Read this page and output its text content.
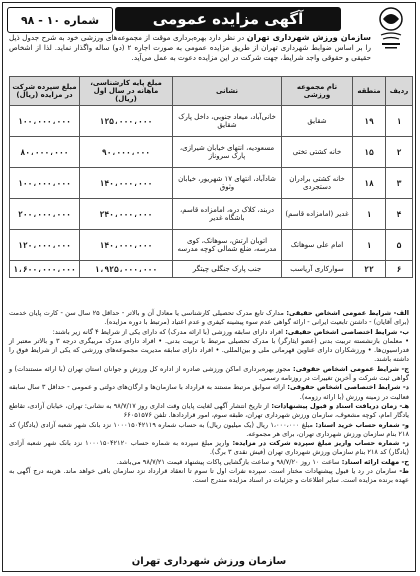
شماره ۱۰ - ۹۸	آگهی مزایده عمومی
سازمان ورزش شهرداری تهران در نظر دارد بهره‌برداری موقت از مجموعه‌های ورزشی خود به شرح جدول ذیل را بر اساس ضوابط شهرداری تهران از طریق مزایده عمومی به صورت اجاره ۲ (دو) ساله واگذار نماید. لذا از اشخاص حقیقی و حقوقی واجد شرایط، جهت شرکت در این مزایده دعوت به عمل می‌آید.
ردیف	منطقه	نام مجموعه ورزشی	نشانی	مبلغ پایه کارشناسی، ماهانه در سال اول (ریال)	مبلغ سپرده شرکت در مزایده (ریال)
۱	۱۹	شقایق	خانی‌آباد، میعاد جنوبی، داخل پارک شقایق	۱۲۵،۰۰۰،۰۰۰	۱۰۰،۰۰۰،۰۰۰
۲	۱۵	خانه کشتی تختی	مسعودیه، انتهای خیابان شیرازی، پارک سروناز	۹۰،۰۰۰،۰۰۰	۸۰،۰۰۰،۰۰۰
۳	۱۸	خانه کشتی برادران دستجردی	شادآباد، انتهای ۱۷ شهریور، خیابان وثوق	۱۴۰،۰۰۰،۰۰۰	۱۰۰،۰۰۰،۰۰۰
۴	۱	غدیر (امامزاده قاسم)	دربند، کلاک دره، امامزاده قاسم، باشگاه غدیر	۲۴۰،۰۰۰،۰۰۰	۲۰۰،۰۰۰،۰۰۰
۵	۱	امام علی سوهانک	اتوبان ارتش، سوهانک، کوی مدرسه، ضلع شمالی کوچه مدرسه	۱۴۰،۰۰۰،۰۰۰	۱۲۰،۰۰۰،۰۰۰
۶	۲۲	سوارکاری آریاسب	جنب پارک جنگلی چیتگر	۱،۹۲۵،۰۰۰،۰۰۰	۱،۶۰۰،۰۰۰،۰۰۰
الف- شرایط عمومی اشخاص حقیقی: مدارک تابع مدرک تحصیلی کارشناسی یا معادل آن و بالاتر - حداقل ۲۵ سال سن - کارت پایان خدمت (برای آقایان) - داشتن تابعیت ایرانی - ارائه گواهی عدم سوء پیشینه کیفری و عدم اعتیاد (مرتبط با دوره مزایده).
ب- شرایط اختصاصی اشخاص حقیقی: افراد دارای سابقه ورزشی (با ارائه مدرک) که دارای یکی از شرایط ۴ گانه زیر باشند:
• معلمان بازنشسته تربیت بدنی (عضو ایثارگر) با مدرک تحصیلی مرتبط با تربیت بدنی. • افراد دارای مدرک مربیگری درجه ۳ و بالاتر معتبر از فدراسیون‌ها. • ورزشکاران دارای عناوین قهرمانی ملی و بین‌المللی. • افراد دارای سابقه مدیریت مجموعه‌های ورزشی که یکی از شرایط فوق را داشته باشند.
ج- شرایط عمومی اشخاص حقوقی: مجوز بهره‌برداری اماکن ورزشی صادره از اداره کل ورزش و جوانان استان تهران (با ارائه مستندات) و گواهی ثبت شرکت و آخرین تغییرات در روزنامه رسمی.
د- شرایط اختصاصی اشخاص حقوقی: ارائه سوابق مرتبط مستند به قرارداد با سازمان‌ها و ارگان‌های دولتی و عمومی - حداقل ۳ سال سابقه فعالیت در زمینه ورزش (با ارائه رزومه).
هـ- زمان دریافت اسناد و قبول پیشنهادات: از تاریخ انتشار آگهی لغایت پایان وقت اداری روز ۹۸/۷/۱۷ به نشانی: تهران، خیابان آزادی، تقاطع یادگار امام، کوچه مشعوف، سازمان ورزش شهرداری تهران، طبقه سوم، امور قراردادها. تلفن ۶۶۰۵۱۵۷۶
و- شماره حساب خرید اسناد: مبلغ ۱،۰۰۰،۰۰۰ ریال (یک میلیون ریال) به حساب شماره ۱۰۰۰۱۵۰۴۲۱۱۹ نزد بانک شهر شعبه آزادی (یادگار) کد ۲۱۸ بنام سازمان ورزش شهرداری تهران، برای هر مجموعه.
ز- شماره حساب واریز مبلغ سپرده شرکت در مزایده: واریز مبلغ سپرده به شماره حساب ۱۰۰۰۱۵۰۴۲۱۲۰ نزد بانک شهر شعبه آزادی (یادگار) کد ۲۱۸ بنام سازمان ورزش شهرداری تهران (فیش نقدی ۳ برگ).
ح- مهلت ارائه اسناد: ساعت ۱۰ روز ۹۸/۷/۲۰ و ساعت بازگشایی پاکات پیشنهاد قیمت ۹۸/۷/۲۱ می‌باشد.
ط- سازمان در رد یا قبول پیشنهادات مختار است. سپرده نفرات اول تا سوم تا انعقاد قرارداد نزد سازمان باقی خواهد ماند. هزینه درج آگهی به عهده برنده مزایده است. سایر اطلاعات و جزئیات در اسناد مزایده مندرج است.
سازمان ورزش شهرداری تهران
